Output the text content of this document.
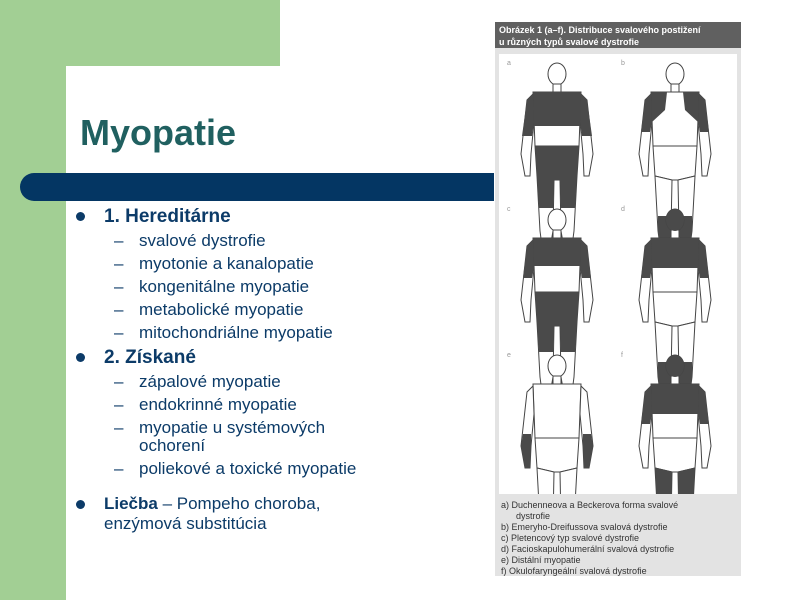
Myopatie
1. Hereditárne
– svalové dystrofie
– myotonie a kanalopatie
– kongenitálne myopatie
– metabolické myopatie
– mitochondriálne myopatie
2. Získané
– zápalové myopatie
– endokrinné myopatie
– myopatie u systémových ochorení
– poliekové a toxické myopatie
Liečba – Pompeho choroba, enzýmová substitúcia
Obrázek 1 (a–f). Distribuce svalového postižení
u různých typů svalové dystrofie
a	b
c	d
e	f
a) Duchenneova a Beckerova forma svalové
dystrofie
b) Emeryho-Dreifussova svalová dystrofie
c) Pletencový typ svalové dystrofie
d) Facioskapulohumerální svalová dystrofie
e) Distální myopatie
f) Okulofaryngeální svalová dystrofie
